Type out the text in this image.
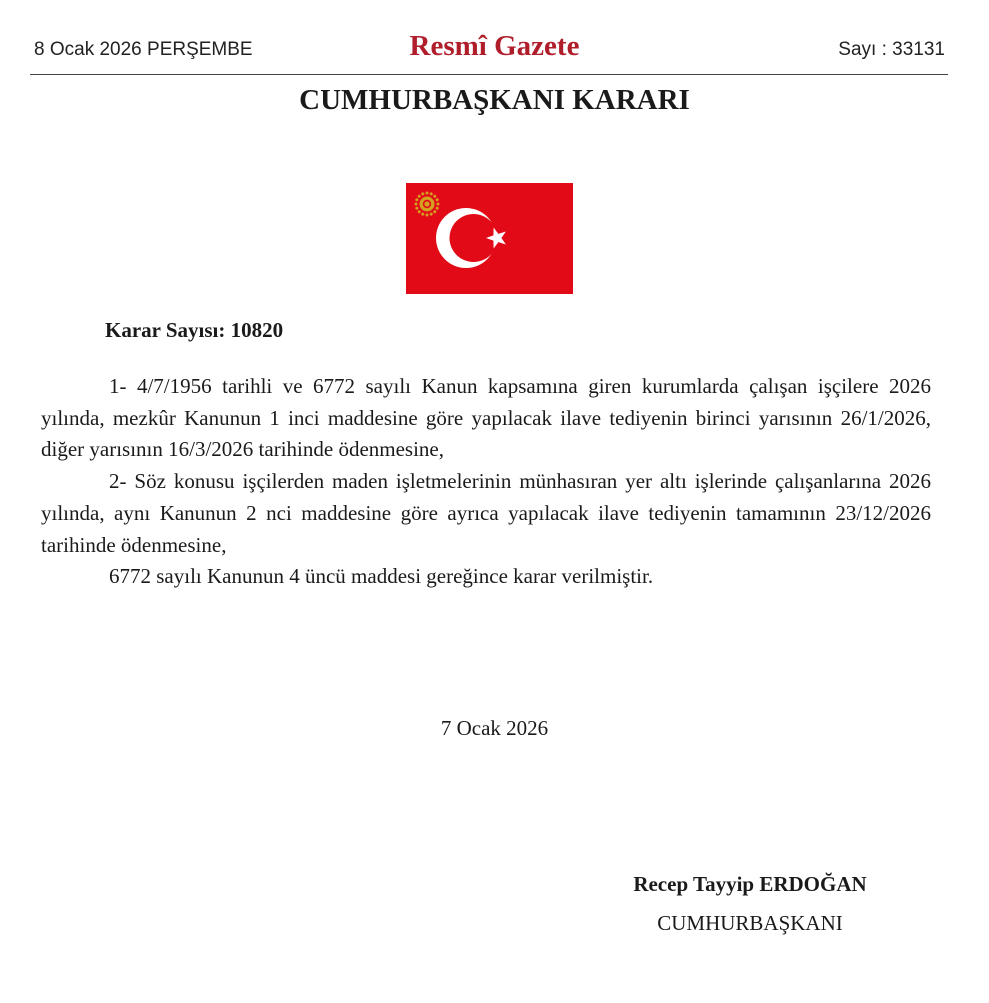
8 Ocak 2026 PERŞEMBE	Resmî Gazete	Sayı : 33131
CUMHURBAŞKANI KARARI
Karar Sayısı: 10820

1- 4/7/1956 tarihli ve 6772 sayılı Kanun kapsamına giren kurumlarda çalışan işçilere 2026 yılında, mezkûr Kanunun 1 inci maddesine göre yapılacak ilave tediyenin birinci yarısının 26/1/2026, diğer yarısının 16/3/2026 tarihinde ödenmesine,

2- Söz konusu işçilerden maden işletmelerinin münhasıran yer altı işlerinde çalışanlarına 2026 yılında, aynı Kanunun 2 nci maddesine göre ayrıca yapılacak ilave tediyenin tamamının 23/12/2026 tarihinde ödenmesine,

6772 sayılı Kanunun 4 üncü maddesi gereğince karar verilmiştir.

7 Ocak 2026
Recep Tayyip ERDOĞAN
CUMHURBAŞKANI
